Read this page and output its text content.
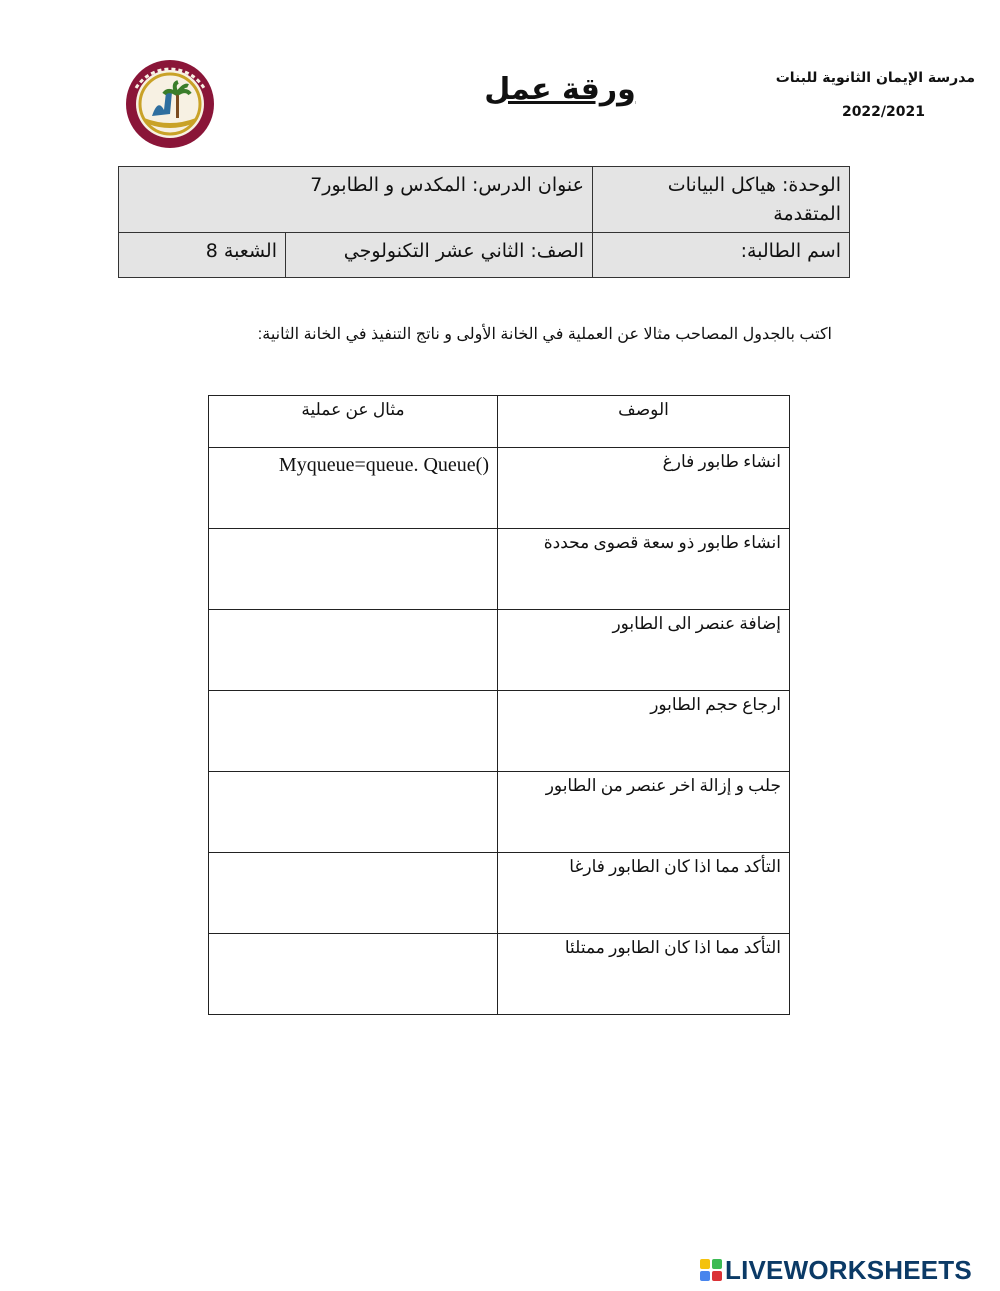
مدرسة الإيمان الثانوية للبنات
2022/2021
ورقة عمل
الوحدة: هياكل البيانات المتقدمة	عنوان الدرس: المكدس و الطابور7	
اسم الطالبة:	الصف: الثاني عشر التكنولوجي	الشعبة 8
اكتب بالجدول المصاحب مثالا عن العملية في الخانة الأولى و ناتج التنفيذ في الخانة الثانية:
الوصف	مثال عن عملية
انشاء طابور فارغ	Myqueue=queue. Queue()
انشاء طابور ذو سعة قصوى محددة	
إضافة عنصر الى الطابور	
ارجاع حجم الطابور	
جلب و إزالة اخر عنصر من الطابور	
التأكد مما اذا كان الطابور فارغا	
التأكد مما اذا كان الطابور ممتلئا	
LIVEWORKSHEETS
